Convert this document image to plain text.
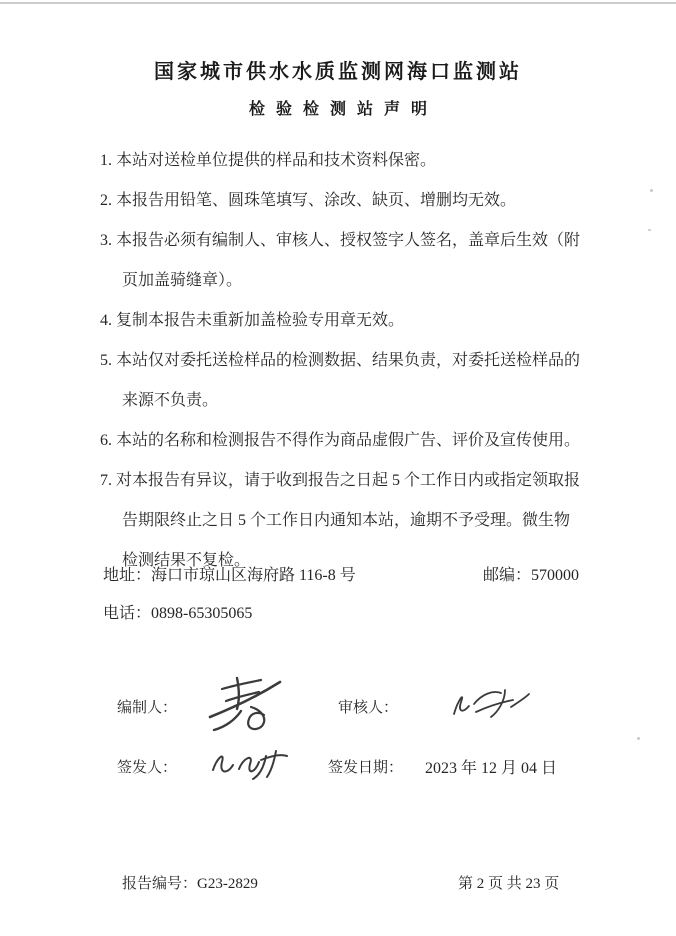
国家城市供水水质监测网海口监测站
检验检测站声明
1. 本站对送检单位提供的样品和技术资料保密。
2. 本报告用铅笔、圆珠笔填写、涂改、缺页、增删均无效。
3. 本报告必须有编制人、审核人、授权签字人签名，盖章后生效（附页加盖骑缝章）。
4. 复制本报告未重新加盖检验专用章无效。
5. 本站仅对委托送检样品的检测数据、结果负责，对委托送检样品的来源不负责。
6. 本站的名称和检测报告不得作为商品虚假广告、评价及宣传使用。
7. 对本报告有异议，请于收到报告之日起 5 个工作日内或指定领取报告期限终止之日 5 个工作日内通知本站，逾期不予受理。微生物检测结果不复检。
地址：海口市琼山区海府路 116-8 号	邮编：570000
电话：0898-65305065
编制人：	审核人：
签发人：	签发日期： 2023 年 12 月 04 日
报告编号：G23-2829	第 2 页 共 23 页
